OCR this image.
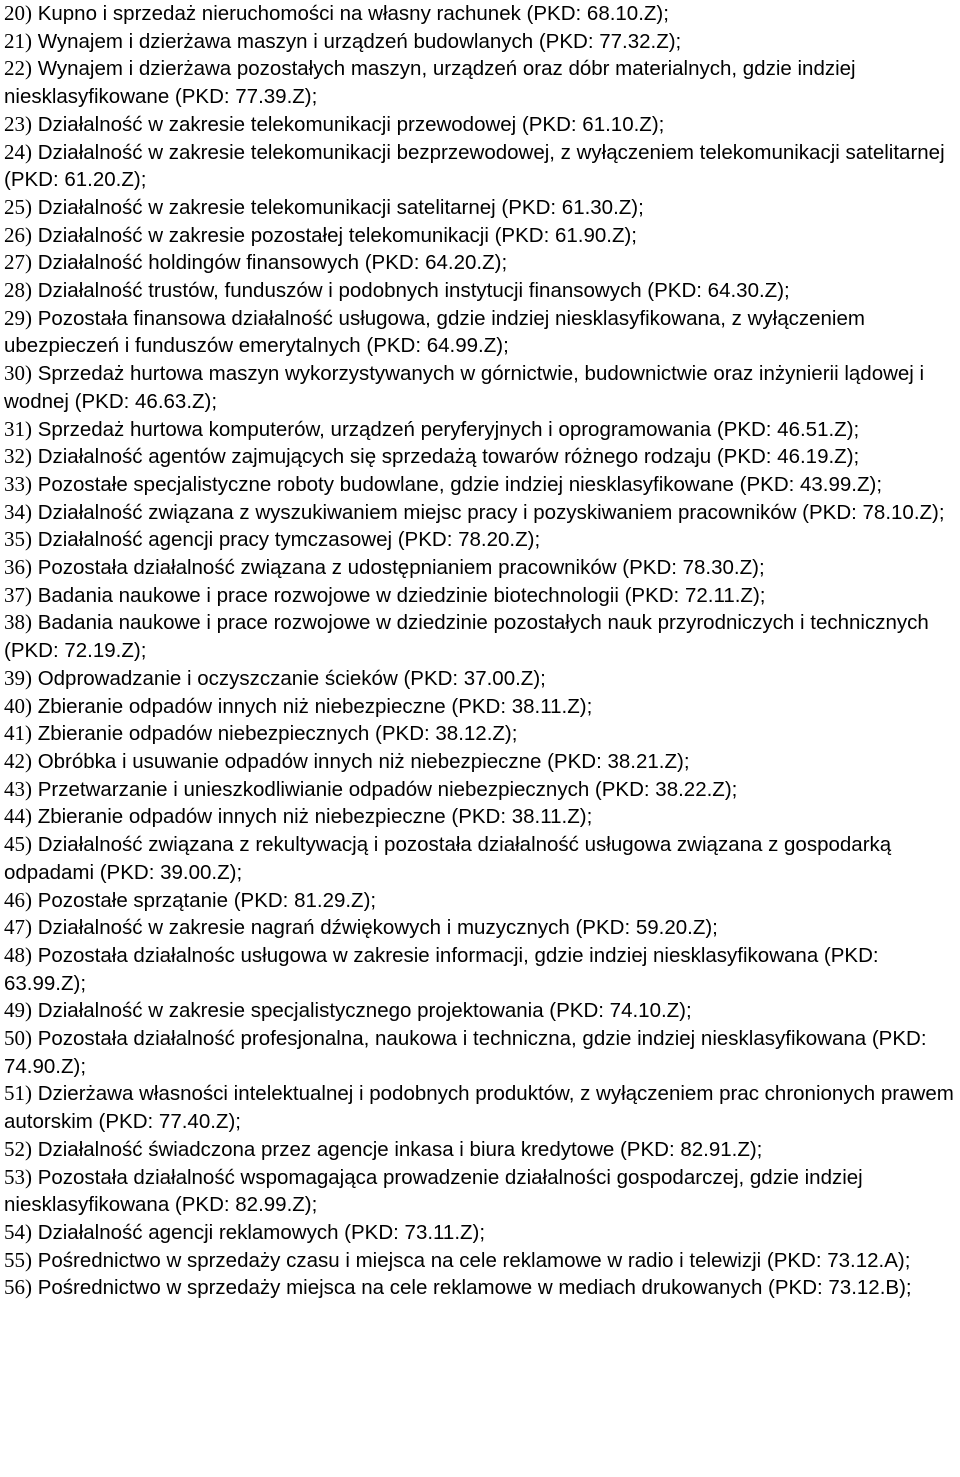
20) Kupno i sprzedaż nieruchomości na własny rachunek (PKD: 68.10.Z);

21) Wynajem i dzierżawa maszyn i urządzeń budowlanych (PKD: 77.32.Z);

22) Wynajem i dzierżawa pozostałych maszyn, urządzeń oraz dóbr materialnych, gdzie indziej niesklasyfikowane (PKD: 77.39.Z);

23) Działalność w zakresie telekomunikacji przewodowej (PKD: 61.10.Z);

24) Działalność w zakresie telekomunikacji bezprzewodowej, z wyłączeniem telekomunikacji satelitarnej (PKD: 61.20.Z);

25) Działalność w zakresie telekomunikacji satelitarnej (PKD: 61.30.Z);

26) Działalność w zakresie pozostałej telekomunikacji (PKD: 61.90.Z);

27) Działalność holdingów finansowych (PKD: 64.20.Z);

28) Działalność trustów, funduszów i podobnych instytucji finansowych (PKD: 64.30.Z);

29) Pozostała finansowa działalność usługowa, gdzie indziej niesklasyfikowana, z wyłączeniem ubezpieczeń i funduszów emerytalnych (PKD: 64.99.Z);

30) Sprzedaż hurtowa maszyn wykorzystywanych w górnictwie, budownictwie oraz inżynierii lądowej i wodnej (PKD: 46.63.Z);

31) Sprzedaż hurtowa komputerów, urządzeń peryferyjnych i oprogramowania (PKD: 46.51.Z);

32) Działalność agentów zajmujących się sprzedażą towarów różnego rodzaju (PKD: 46.19.Z);

33) Pozostałe specjalistyczne roboty budowlane, gdzie indziej niesklasyfikowane (PKD: 43.99.Z);

34) Działalność związana z wyszukiwaniem miejsc pracy i pozyskiwaniem pracowników (PKD: 78.10.Z);

35) Działalność agencji pracy tymczasowej (PKD: 78.20.Z);

36) Pozostała działalność związana z udostępnianiem pracowników (PKD: 78.30.Z);

37) Badania naukowe i prace rozwojowe w dziedzinie biotechnologii (PKD: 72.11.Z);

38) Badania naukowe i prace rozwojowe w dziedzinie pozostałych nauk przyrodniczych i technicznych (PKD: 72.19.Z);

39) Odprowadzanie i oczyszczanie ścieków (PKD: 37.00.Z);

40) Zbieranie odpadów innych niż niebezpieczne (PKD: 38.11.Z);

41) Zbieranie odpadów niebezpiecznych (PKD: 38.12.Z);

42) Obróbka i usuwanie odpadów innych niż niebezpieczne (PKD: 38.21.Z);

43) Przetwarzanie i unieszkodliwianie odpadów niebezpiecznych (PKD: 38.22.Z);

44) Zbieranie odpadów innych niż niebezpieczne (PKD: 38.11.Z);

45) Działalność związana z rekultywacją i pozostała działalność usługowa związana z gospodarką odpadami (PKD: 39.00.Z);

46) Pozostałe sprzątanie (PKD: 81.29.Z);

47) Działalność w zakresie nagrań dźwiękowych i muzycznych (PKD: 59.20.Z);

48) Pozostała działalnośc usługowa w zakresie informacji, gdzie indziej niesklasyfikowana (PKD: 63.99.Z);

49) Działalność w zakresie specjalistycznego projektowania (PKD: 74.10.Z);

50) Pozostała działalność profesjonalna, naukowa i techniczna, gdzie indziej niesklasyfikowana (PKD: 74.90.Z);

51) Dzierżawa własności intelektualnej i podobnych produktów, z wyłączeniem prac chronionych prawem autorskim (PKD: 77.40.Z);

52) Działalność świadczona przez agencje inkasa i biura kredytowe (PKD: 82.91.Z);

53) Pozostała działalność wspomagająca prowadzenie działalności gospodarczej, gdzie indziej niesklasyfikowana (PKD: 82.99.Z);

54) Działalność agencji reklamowych (PKD: 73.11.Z);

55) Pośrednictwo w sprzedaży czasu i miejsca na cele reklamowe w radio i telewizji (PKD: 73.12.A);

56) Pośrednictwo w sprzedaży miejsca na cele reklamowe w mediach drukowanych (PKD: 73.12.B);
